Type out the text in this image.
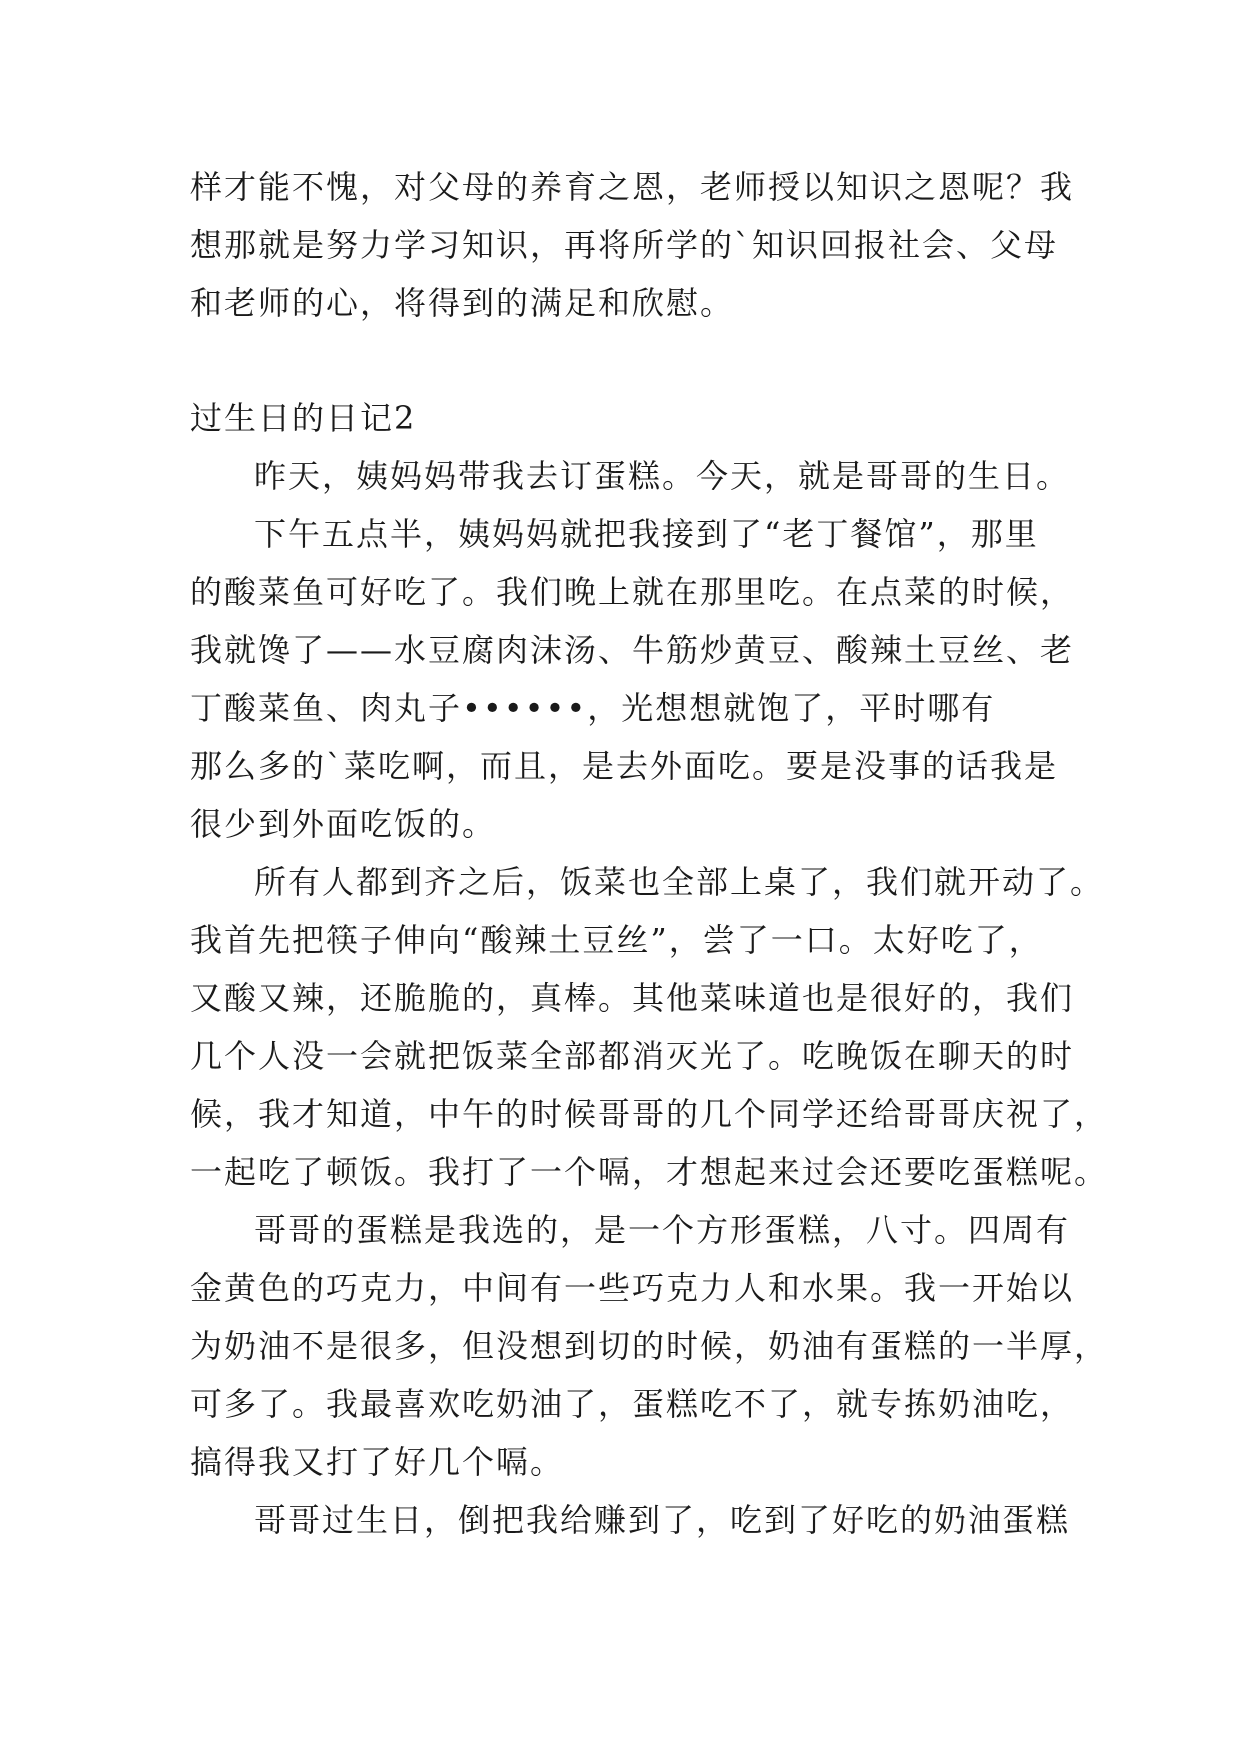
样才能不愧，对父母的养育之恩，老师授以知识之恩呢？我
想那就是努力学习知识，再将所学的`知识回报社会、父母
和老师的心，将得到的满足和欣慰。
过生日的日记2
昨天，姨妈妈带我去订蛋糕。今天，就是哥哥的生日。
下午五点半，姨妈妈就把我接到了“老丁餐馆”，那里
的酸菜鱼可好吃了。我们晚上就在那里吃。在点菜的时候，
我就馋了——水豆腐肉沫汤、牛筋炒黄豆、酸辣土豆丝、老
丁酸菜鱼、肉丸子••••••，光想想就饱了，平时哪有
那么多的`菜吃啊，而且，是去外面吃。要是没事的话我是
很少到外面吃饭的。
所有人都到齐之后，饭菜也全部上桌了，我们就开动了。
我首先把筷子伸向“酸辣土豆丝”，尝了一口。太好吃了，
又酸又辣，还脆脆的，真棒。其他菜味道也是很好的，我们
几个人没一会就把饭菜全部都消灭光了。吃晚饭在聊天的时
候，我才知道，中午的时候哥哥的几个同学还给哥哥庆祝了，
一起吃了顿饭。我打了一个嗝，才想起来过会还要吃蛋糕呢。
哥哥的蛋糕是我选的，是一个方形蛋糕，八寸。四周有
金黄色的巧克力，中间有一些巧克力人和水果。我一开始以
为奶油不是很多，但没想到切的时候，奶油有蛋糕的一半厚，
可多了。我最喜欢吃奶油了，蛋糕吃不了，就专拣奶油吃，
搞得我又打了好几个嗝。
哥哥过生日，倒把我给赚到了，吃到了好吃的奶油蛋糕
